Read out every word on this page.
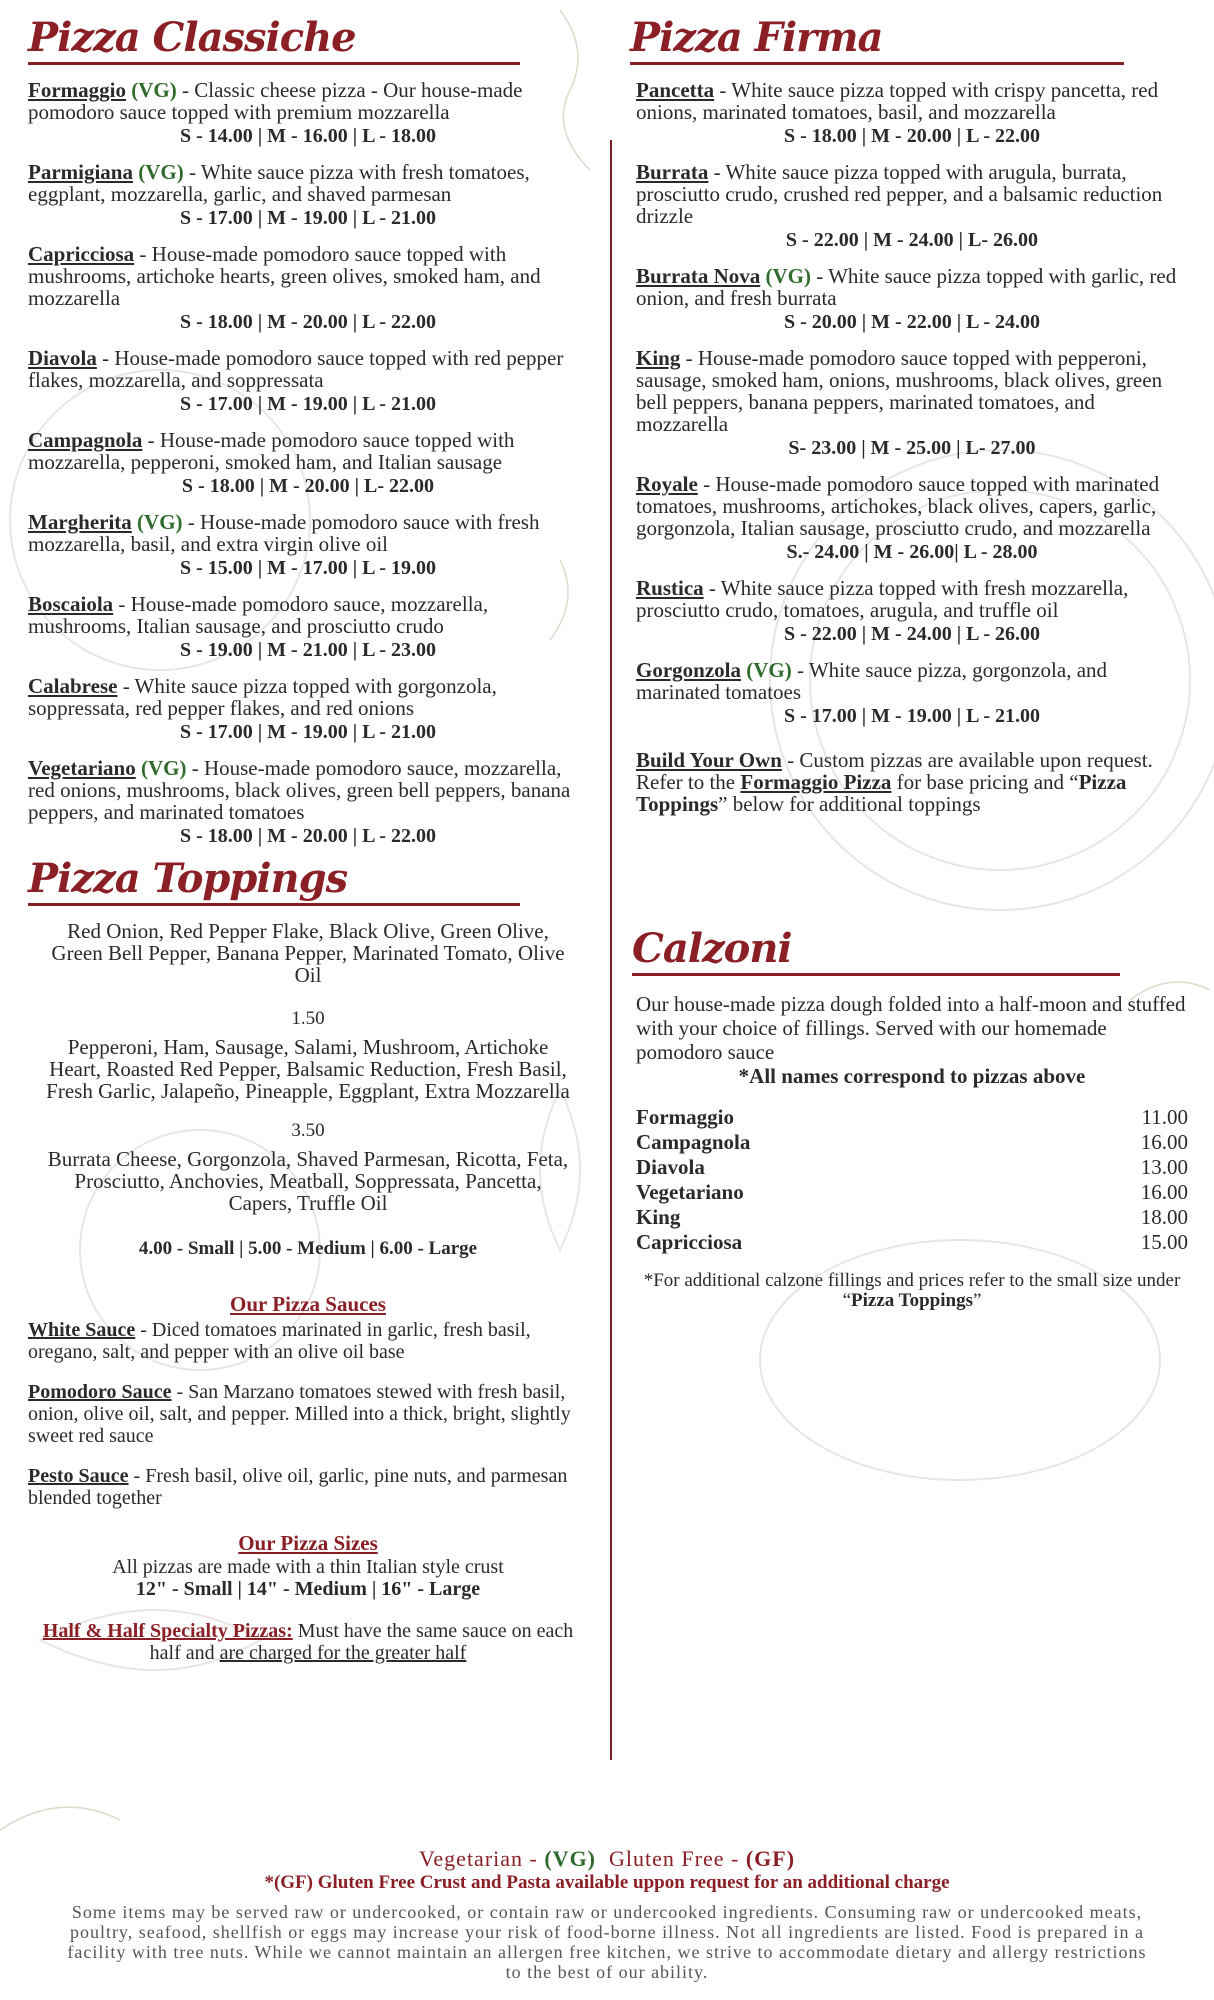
Pizza Classiche
Formaggio (VG) - Classic cheese pizza - Our house-made pomodoro sauce topped with premium mozzarella
S - 14.00 | M - 16.00 | L - 18.00
Parmigiana (VG) - White sauce pizza with fresh tomatoes, eggplant, mozzarella, garlic, and shaved parmesan
S - 17.00 | M - 19.00 | L - 21.00
Capricciosa - House-made pomodoro sauce topped with mushrooms, artichoke hearts, green olives, smoked ham, and mozzarella
S - 18.00 | M - 20.00 | L - 22.00
Diavola - House-made pomodoro sauce topped with red pepper flakes, mozzarella, and soppressata
S - 17.00 | M - 19.00 | L - 21.00
Campagnola - House-made pomodoro sauce topped with mozzarella, pepperoni, smoked ham, and Italian sausage
S - 18.00 | M - 20.00 | L- 22.00
Margherita (VG) - House-made pomodoro sauce with fresh mozzarella, basil, and extra virgin olive oil
S - 15.00 | M - 17.00 | L - 19.00
Boscaiola - House-made pomodoro sauce, mozzarella, mushrooms, Italian sausage, and prosciutto crudo
S - 19.00 | M - 21.00 | L - 23.00
Calabrese - White sauce pizza topped with gorgonzola, soppressata, red pepper flakes, and red onions
S - 17.00 | M - 19.00 | L - 21.00
Vegetariano (VG) - House-made pomodoro sauce, mozzarella, red onions, mushrooms, black olives, green bell peppers, banana peppers, and marinated tomatoes
S - 18.00 | M - 20.00 | L - 22.00
Pizza Toppings
Red Onion, Red Pepper Flake, Black Olive, Green Olive, Green Bell Pepper, Banana Pepper, Marinated Tomato, Olive Oil
1.50
Pepperoni, Ham, Sausage, Salami, Mushroom, Artichoke Heart, Roasted Red Pepper, Balsamic Reduction, Fresh Basil, Fresh Garlic, Jalapeño, Pineapple, Eggplant, Extra Mozzarella
3.50
Burrata Cheese, Gorgonzola, Shaved Parmesan, Ricotta, Feta, Prosciutto, Anchovies, Meatball, Soppressata, Pancetta, Capers, Truffle Oil
4.00 - Small | 5.00 - Medium | 6.00 - Large
Our Pizza Sauces
White Sauce - Diced tomatoes marinated in garlic, fresh basil, oregano, salt, and pepper with an olive oil base
Pomodoro Sauce - San Marzano tomatoes stewed with fresh basil, onion, olive oil, salt, and pepper. Milled into a thick, bright, slightly sweet red sauce
Pesto Sauce - Fresh basil, olive oil, garlic, pine nuts, and parmesan blended together
Our Pizza Sizes
All pizzas are made with a thin Italian style crust
12" - Small | 14" - Medium | 16" - Large
Half & Half Specialty Pizzas: Must have the same sauce on each half and are charged for the greater half
Pizza Firma
Pancetta - White sauce pizza topped with crispy pancetta, red onions, marinated tomatoes, basil, and mozzarella
S - 18.00 | M - 20.00 | L - 22.00
Burrata - White sauce pizza topped with arugula, burrata, prosciutto crudo, crushed red pepper, and a balsamic reduction drizzle
S - 22.00 | M - 24.00 | L- 26.00
Burrata Nova (VG) - White sauce pizza topped with garlic, red onion, and fresh burrata
S - 20.00 | M - 22.00 | L - 24.00
King - House-made pomodoro sauce topped with pepperoni, sausage, smoked ham, onions, mushrooms, black olives, green bell peppers, banana peppers, marinated tomatoes, and mozzarella
S- 23.00 | M - 25.00 | L- 27.00
Royale - House-made pomodoro sauce topped with marinated tomatoes, mushrooms, artichokes, black olives, capers, garlic, gorgonzola, Italian sausage, prosciutto crudo, and mozzarella
S.- 24.00 | M - 26.00| L - 28.00
Rustica - White sauce pizza topped with fresh mozzarella, prosciutto crudo, tomatoes, arugula, and truffle oil
S - 22.00 | M - 24.00 | L - 26.00
Gorgonzola (VG) - White sauce pizza, gorgonzola, and marinated tomatoes
S - 17.00 | M - 19.00 | L - 21.00
Build Your Own - Custom pizzas are available upon request. Refer to the Formaggio Pizza for base pricing and “Pizza Toppings” below for additional toppings
Calzoni
Our house-made pizza dough folded into a half-moon and stuffed with your choice of fillings. Served with our homemade pomodoro sauce
*All names correspond to pizzas above
Formaggio	11.00
Campagnola	16.00
Diavola	13.00
Vegetariano	16.00
King	18.00
Capricciosa	15.00
*For additional calzone fillings and prices refer to the small size under “Pizza Toppings”
Vegetarian - (VG)  Gluten Free - (GF)
*(GF) Gluten Free Crust and Pasta available uppon request for an additional charge
Some items may be served raw or undercooked, or contain raw or undercooked ingredients. Consuming raw or undercooked meats, poultry, seafood, shellfish or eggs may increase your risk of food-borne illness. Not all ingredients are listed. Food is prepared in a facility with tree nuts. While we cannot maintain an allergen free kitchen, we strive to accommodate dietary and allergy restrictions to the best of our ability.
